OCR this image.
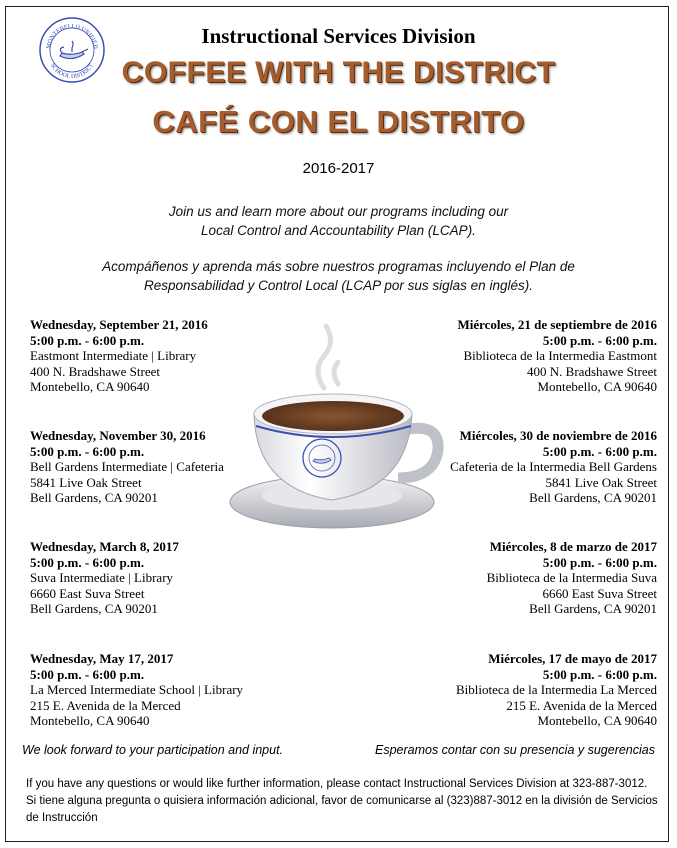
MONTEBELLO UNIFIED
SCHOOL DISTRICT
Instructional Services Division
COFFEE WITH THE DISTRICT
CAFÉ CON EL DISTRITO
2016-2017
Join us and learn more about our programs including our
Local Control and Accountability Plan (LCAP).
Acompáñenos y aprenda más sobre nuestros programas incluyendo el Plan de
Responsabilidad y Control Local (LCAP por sus siglas en inglés).
Wednesday, September 21, 2016
5:00 p.m. - 6:00 p.m.
Eastmont Intermediate | Library
400 N. Bradshawe Street
Montebello, CA 90640
Wednesday, November 30, 2016
5:00 p.m. - 6:00 p.m.
Bell Gardens Intermediate | Cafeteria
5841 Live Oak Street
Bell Gardens, CA 90201
Wednesday, March 8, 2017
5:00 p.m. - 6:00 p.m.
Suva Intermediate | Library
6660 East Suva Street
Bell Gardens, CA 90201
Wednesday, May 17, 2017
5:00 p.m. - 6:00 p.m.
La Merced Intermediate School | Library
215 E. Avenida de la Merced
Montebello, CA 90640
Miércoles, 21 de septiembre de 2016
5:00 p.m. - 6:00 p.m.
Biblioteca de la Intermedia Eastmont
400 N. Bradshawe Street
Montebello, CA 90640
Miércoles, 30 de noviembre de 2016
5:00 p.m. - 6:00 p.m.
Cafeteria de la Intermedia Bell Gardens
5841 Live Oak Street
Bell Gardens, CA 90201
Miércoles, 8 de marzo de 2017
5:00 p.m. - 6:00 p.m.
Biblioteca de la Intermedia Suva
6660 East Suva Street
Bell Gardens, CA 90201
Miércoles, 17 de mayo de 2017
5:00 p.m. - 6:00 p.m.
Biblioteca de la Intermedia La Merced
215 E. Avenida de la Merced
Montebello, CA 90640
We look forward to your participation and input.	Esperamos contar con su presencia y sugerencias
If you have any questions or would like further information, please contact Instructional Services Division at 323-887-3012.
Si tiene alguna pregunta o quisiera información adicional, favor de comunicarse al (323)887-3012 en la división de Servicios de Instrucción
